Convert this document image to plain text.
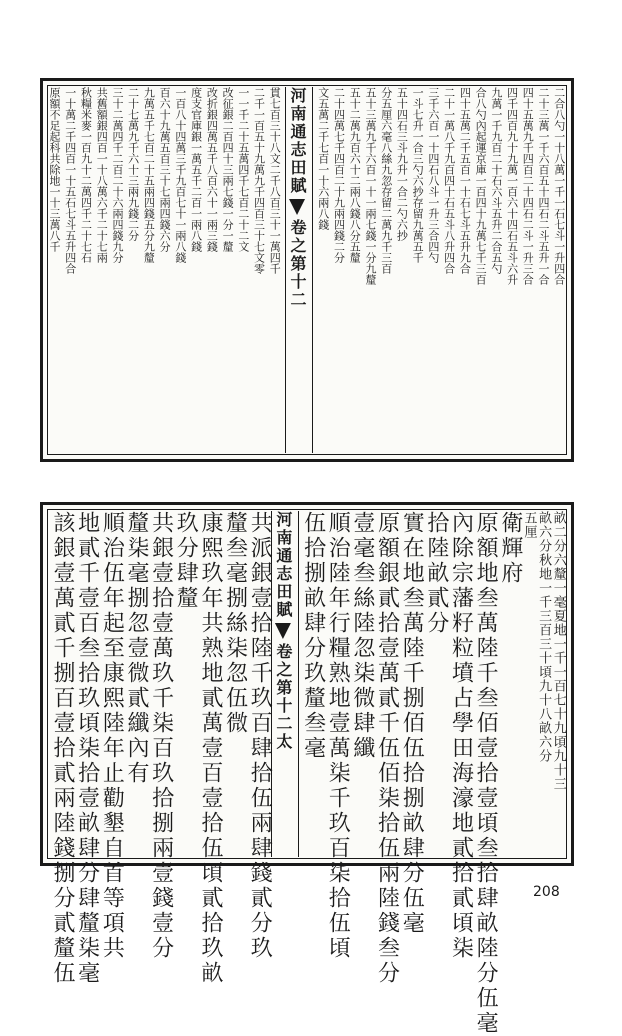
二合八勺一十八萬一千一石七斗一升四合
二十三萬一千六百五十四石二斗五升一合
四十五萬九千四百二十四石二斗一升三合
四千四百九十九萬一百六十四石五斗六升
九萬一千九百二十石六斗五升二合五勺
合八勺內起運京庫一百四十九萬七千三百
四十五萬二千五百一十石七斗五升九合
二十一萬八千九百四十石五斗八升四合
三千六百一十四石八斗一升三合四勺
一斗七升一合三勺六抄存留九萬五千
五十四石三斗九升一合二勺六抄
分五厘六毫八絲九忽存留二萬九千三百
五十三萬九千六百一十一兩七錢一分九釐
五十二萬九百六十二兩八錢八分五釐
二十四萬七千四百二十九兩四錢二分
文五萬二千七百一十六兩八錢
河南通志田賦卷之第十二
貫七百三十八文二千八百三十一萬四千
二千一百五十九萬九千四百三十七文零
一一千二十五萬四千七百二十二文
改征銀二百四十三兩七錢一分一釐
改折銀四萬五千八百六十一兩三錢
度支官庫銀一萬五千二百一兩八錢
一百八十四萬三千九百七十一兩八錢
百六十九萬五百三十七兩四錢六分
九萬五千七百二十五兩四錢五分九釐
二十七萬九千六十三兩九錢二分
三十二萬四千二百二十六兩四錢九分
共舊額銀四百一十八萬六千二十七兩
秋糧米麥一百九十二萬四千二十七石
一十萬二千四百一十五石七斗五升四合
原額不足起科共除地一十三萬八千
畝二分六釐一毫夏地一千一百七十九頃九十三
畝六分秋地一千三百三十頃九十八畝六分
五厘
衛輝府
原額地叁萬陸千叁佰壹拾壹頃叁拾肆畝陸分伍毫
內除宗藩籽粒墳占學田海濠地貳拾貳頃柒
拾陸畝貳分
實在地叁萬陸千捌佰伍拾捌畝肆分伍毫
原額銀貳拾壹萬貳千伍佰柒拾伍兩陸錢叁分
壹毫叁絲陸忽柒微肆纖
順治陸年行糧熟地壹萬柒千玖百柒拾伍頃
伍拾捌畝肆分玖釐叁毫
河南通志田賦卷之第十二太
共派銀壹拾陸千玖百肆拾伍兩肆錢貳分玖
釐叁毫捌絲柒忽伍微
康熙玖年共熟地貳萬壹百壹拾伍頃貳拾玖畝
玖分肆釐
共銀壹拾壹萬玖千柒百玖拾捌兩壹錢壹分
釐柒毫捌忽壹微貳纖內有
順治伍年起至康熙陸年止勸墾自首等項共
地貳千壹百叁拾玖頃柒拾壹畝肆分肆釐柒毫
該銀壹萬貳千捌百壹拾貳兩陸錢捌分貳釐伍	208
